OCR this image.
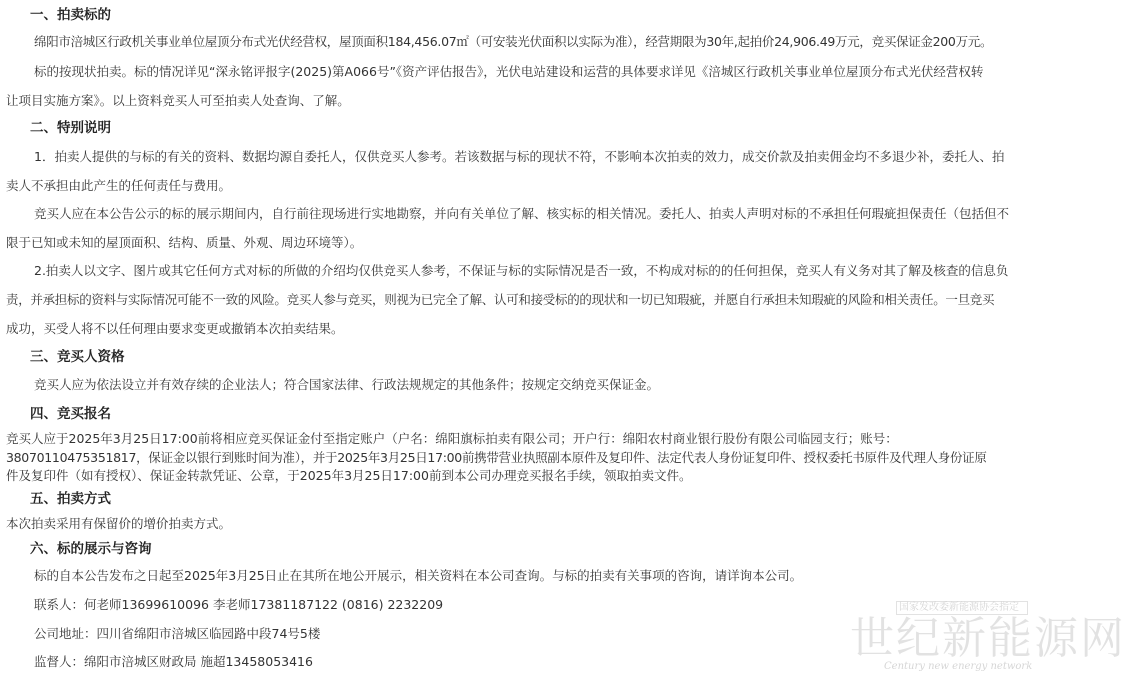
一、拍卖标的
绵阳市涪城区行政机关事业单位屋顶分布式光伏经营权，屋顶面积184,456.07㎡（可安装光伏面积以实际为准），经营期限为30年,起拍价24,906.49万元，竞买保证金200万元。
标的按现状拍卖。标的情况详见“深永铭评报字(2025)第A066号”《资产评估报告》，光伏电站建设和运营的具体要求详见《涪城区行政机关事业单位屋顶分布式光伏经营权转
让项目实施方案》。以上资料竞买人可至拍卖人处查询、了解。
二、特别说明
1．拍卖人提供的与标的有关的资料、数据均源自委托人，仅供竞买人参考。若该数据与标的现状不符，不影响本次拍卖的效力，成交价款及拍卖佣金均不多退少补，委托人、拍
卖人不承担由此产生的任何责任与费用。
竞买人应在本公告公示的标的展示期间内，自行前往现场进行实地勘察，并向有关单位了解、核实标的相关情况。委托人、拍卖人声明对标的不承担任何瑕疵担保责任（包括但不
限于已知或未知的屋顶面积、结构、质量、外观、周边环境等）。
2.拍卖人以文字、图片或其它任何方式对标的所做的介绍均仅供竞买人参考，不保证与标的实际情况是否一致，不构成对标的的任何担保，竞买人有义务对其了解及核查的信息负
责，并承担标的资料与实际情况可能不一致的风险。竞买人参与竞买，则视为已完全了解、认可和接受标的的现状和一切已知瑕疵，并愿自行承担未知瑕疵的风险和相关责任。一旦竞买
成功，买受人将不以任何理由要求变更或撤销本次拍卖结果。
三、竞买人资格
竞买人应为依法设立并有效存续的企业法人；符合国家法律、行政法规规定的其他条件；按规定交纳竞买保证金。
四、竞买报名
竞买人应于2025年3月25日17:00前将相应竞买保证金付至指定账户（户名：绵阳旗标拍卖有限公司；开户行：绵阳农村商业银行股份有限公司临园支行；账号：
38070110475351817，保证金以银行到账时间为准），并于2025年3月25日17:00前携带营业执照副本原件及复印件、法定代表人身份证复印件、授权委托书原件及代理人身份证原
件及复印件（如有授权）、保证金转款凭证、公章，于2025年3月25日17:00前到本公司办理竞买报名手续，领取拍卖文件。
五、拍卖方式
本次拍卖采用有保留价的增价拍卖方式。
六、标的展示与咨询
标的自本公告发布之日起至2025年3月25日止在其所在地公开展示，相关资料在本公司查询。与标的拍卖有关事项的咨询，请详询本公司。
联系人：何老师13699610096 李老师17381187122 (0816) 2232209
公司地址：四川省绵阳市涪城区临园路中段74号5楼
监督人：绵阳市涪城区财政局 施超13458053416
国家发改委新能源协会指定
世纪新能源网
Century new energy network
